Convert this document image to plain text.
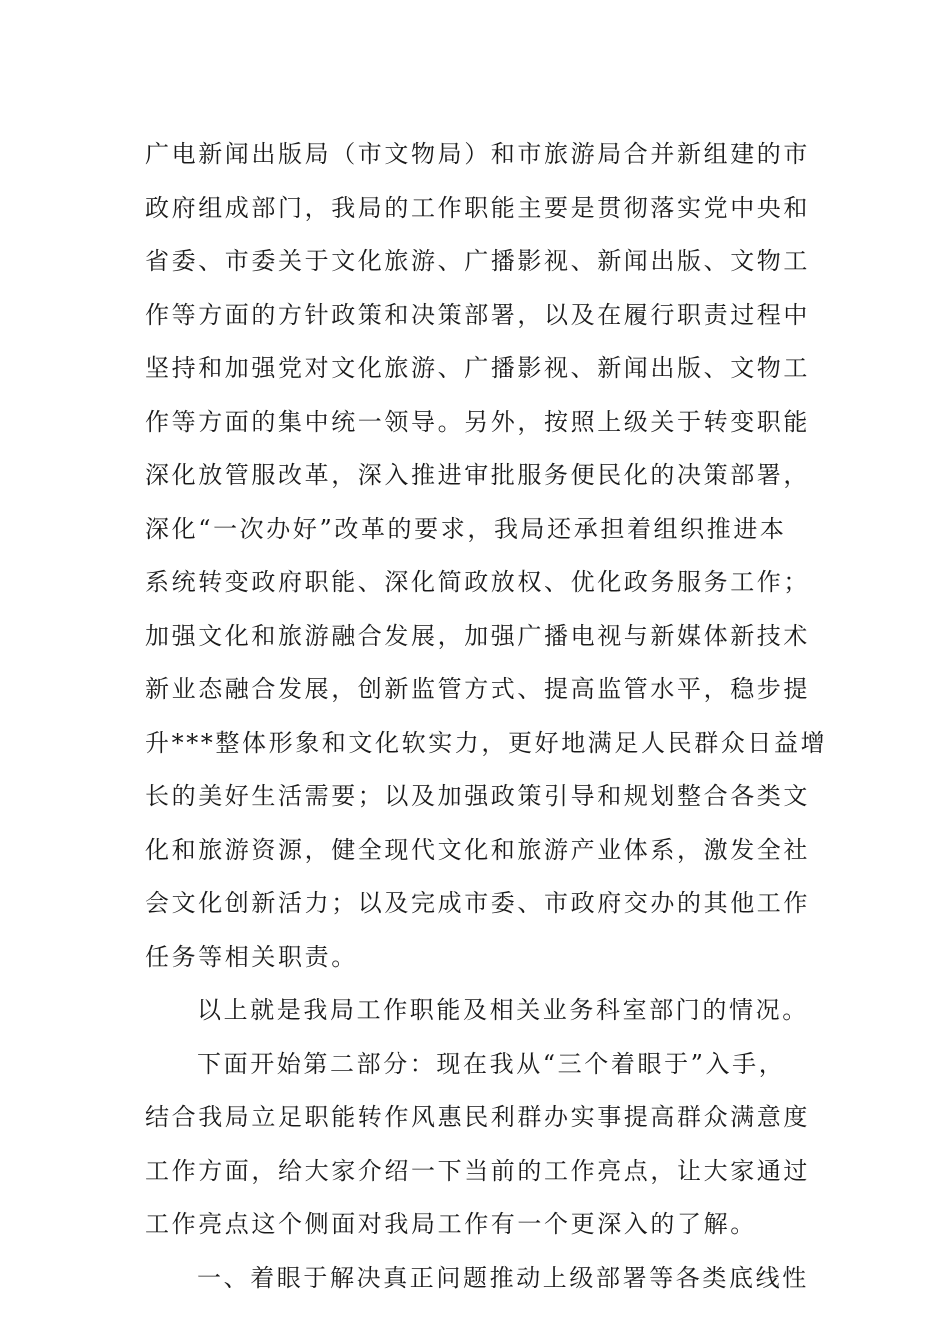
广电新闻出版局（市文物局）和市旅游局合并新组建的市
政府组成部门，我局的工作职能主要是贯彻落实党中央和
省委、市委关于文化旅游、广播影视、新闻出版、文物工
作等方面的方针政策和决策部署，以及在履行职责过程中
坚持和加强党对文化旅游、广播影视、新闻出版、文物工
作等方面的集中统一领导。另外，按照上级关于转变职能
深化放管服改革，深入推进审批服务便民化的决策部署，
深化“一次办好”改革的要求，我局还承担着组织推进本
系统转变政府职能、深化简政放权、优化政务服务工作；
加强文化和旅游融合发展，加强广播电视与新媒体新技术
新业态融合发展，创新监管方式、提高监管水平，稳步提
升***整体形象和文化软实力，更好地满足人民群众日益增
长的美好生活需要；以及加强政策引导和规划整合各类文
化和旅游资源，健全现代文化和旅游产业体系，激发全社
会文化创新活力；以及完成市委、市政府交办的其他工作
任务等相关职责。
以上就是我局工作职能及相关业务科室部门的情况。
下面开始第二部分：现在我从“三个着眼于”入手，
结合我局立足职能转作风惠民利群办实事提高群众满意度
工作方面，给大家介绍一下当前的工作亮点，让大家通过
工作亮点这个侧面对我局工作有一个更深入的了解。
一、着眼于解决真正问题推动上级部署等各类底线性
